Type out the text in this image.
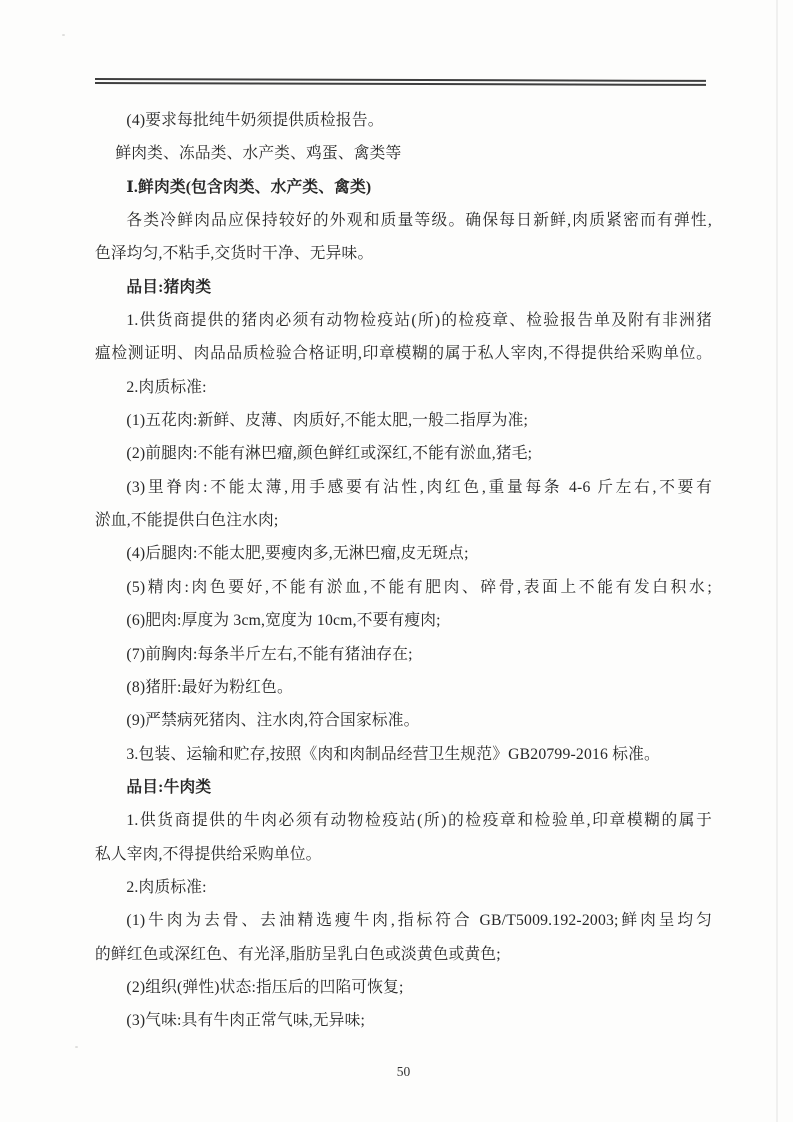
(4)要求每批纯牛奶须提供质检报告。
鲜肉类、冻品类、水产类、鸡蛋、禽类等
Ⅰ.鲜肉类(包含肉类、水产类、禽类)
各类冷鲜肉品应保持较好的外观和质量等级。确保每日新鲜,肉质紧密而有弹性,
色泽均匀,不粘手,交货时干净、无异味。
品目:猪肉类
1.供货商提供的猪肉必须有动物检疫站(所)的检疫章、检验报告单及附有非洲猪
瘟检测证明、肉品品质检验合格证明,印章模糊的属于私人宰肉,不得提供给采购单位。
2.肉质标准:
(1)五花肉:新鲜、皮薄、肉质好,不能太肥,一般二指厚为准;
(2)前腿肉:不能有淋巴瘤,颜色鲜红或深红,不能有淤血,猪毛;
(3)里脊肉:不能太薄,用手感要有沾性,肉红色,重量每条 4-6 斤左右,不要有
淤血,不能提供白色注水肉;
(4)后腿肉:不能太肥,要瘦肉多,无淋巴瘤,皮无斑点;
(5)精肉:肉色要好,不能有淤血,不能有肥肉、碎骨,表面上不能有发白积水;
(6)肥肉:厚度为 3cm,宽度为 10cm,不要有瘦肉;
(7)前胸肉:每条半斤左右,不能有猪油存在;
(8)猪肝:最好为粉红色。
(9)严禁病死猪肉、注水肉,符合国家标准。
3.包装、运输和贮存,按照《肉和肉制品经营卫生规范》GB20799-2016 标准。
品目:牛肉类
1.供货商提供的牛肉必须有动物检疫站(所)的检疫章和检验单,印章模糊的属于
私人宰肉,不得提供给采购单位。
2.肉质标准:
(1)牛肉为去骨、去油精选瘦牛肉,指标符合 GB/T5009.192-2003;鲜肉呈均匀
的鲜红色或深红色、有光泽,脂肪呈乳白色或淡黄色或黄色;
(2)组织(弹性)状态:指压后的凹陷可恢复;
(3)气味:具有牛肉正常气味,无异味;
50
